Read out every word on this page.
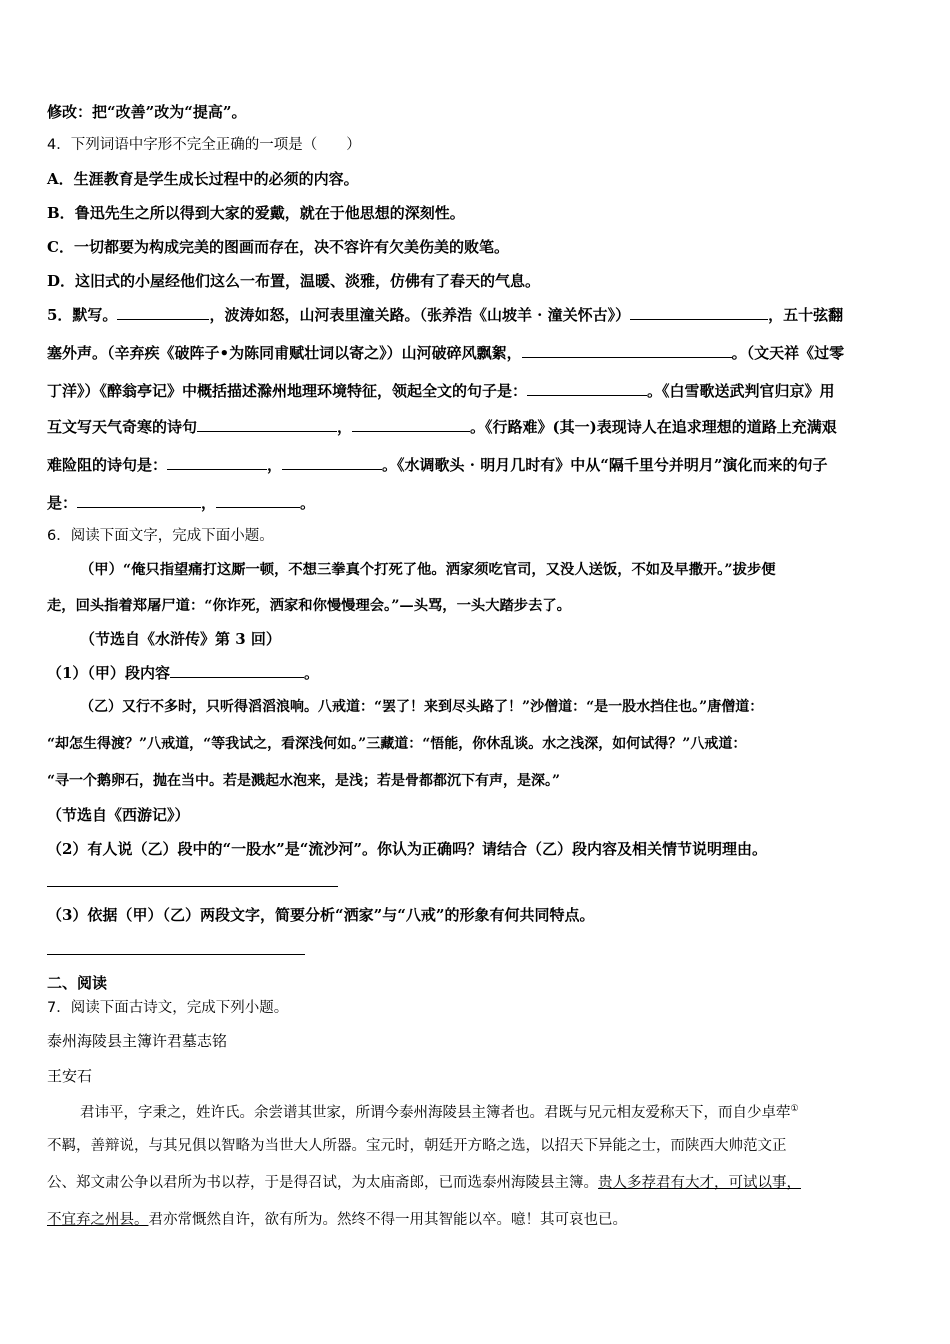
修改：把“改善”改为“提高”。
4．下列词语中字形不完全正确的一项是（　　）
A．生涯教育是学生成长过程中的必须的内容。
B．鲁迅先生之所以得到大家的爱戴，就在于他思想的深刻性。
C．一切都要为构成完美的图画而存在，决不容许有欠美伤美的败笔。
D．这旧式的小屋经他们这么一布置，温暖、淡雅，仿佛有了春天的气息。
5．默写。	，波涛如怒，山河表里潼关路。（张养浩《山坡羊 · 潼关怀古》）	，五十弦翻
塞外声。（辛弃疾《破阵子•为陈同甫赋壮词以寄之》）山河破碎风飘絮，	。（文天祥《过零
丁洋》）《醉翁亭记》中概括描述滁州地理环境特征，领起全文的句子是：	。《白雪歌送武判官归京》用
互文写天气奇寒的诗句	，	。《行路难》(其一)表现诗人在追求理想的道路上充满艰
难险阻的诗句是：	，	。《水调歌头 · 明月几时有》中从“隔千里兮并明月”演化而来的句子
是：	，	。
6．阅读下面文字，完成下面小题。
（甲）“俺只指望痛打这厮一顿，不想三拳真个打死了他。洒家须吃官司，又没人送饭，不如及早撒开。”拔步便
走，回头指着郑屠尸道：“你诈死，洒家和你慢慢理会。”—头骂，一头大踏步去了。
（节选自《水浒传》第 3 回）
（1）（甲）段内容	。
（乙）又行不多时，只听得滔滔浪响。八戒道：“罢了！来到尽头路了！”沙僧道：“是一股水挡住也。”唐僧道：
“却怎生得渡？”八戒道，“等我试之，看深浅何如。”三藏道：“悟能，你休乱谈。水之浅深，如何试得？”八戒道：
“寻一个鹅卵石，抛在当中。若是溅起水泡来，是浅；若是骨都都沉下有声，是深。”
（节选自《西游记》）
（2）有人说（乙）段中的“一股水”是“流沙河”。你认为正确吗？请结合（乙）段内容及相关情节说明理由。
（3）依据（甲）（乙）两段文字，简要分析“洒家”与“八戒”的形象有何共同特点。
二、阅读
7．阅读下面古诗文，完成下列小题。
泰州海陵县主簿许君墓志铭
王安石
君讳平，字秉之，姓许氏。余尝谱其世家，所谓今泰州海陵县主簿者也。君既与兄元相友爱称天下，而自少卓荦①
不羁，善辩说，与其兄俱以智略为当世大人所器。宝元时，朝廷开方略之选，以招天下异能之士，而陕西大帅范文正
公、郑文肃公争以君所为书以荐，于是得召试，为太庙斋郎，已而选泰州海陵县主簿。贵人多荐君有大才，可试以事，
不宜弃之州县。君亦常慨然自许，欲有所为。然终不得一用其智能以卒。噫！其可哀也已。
